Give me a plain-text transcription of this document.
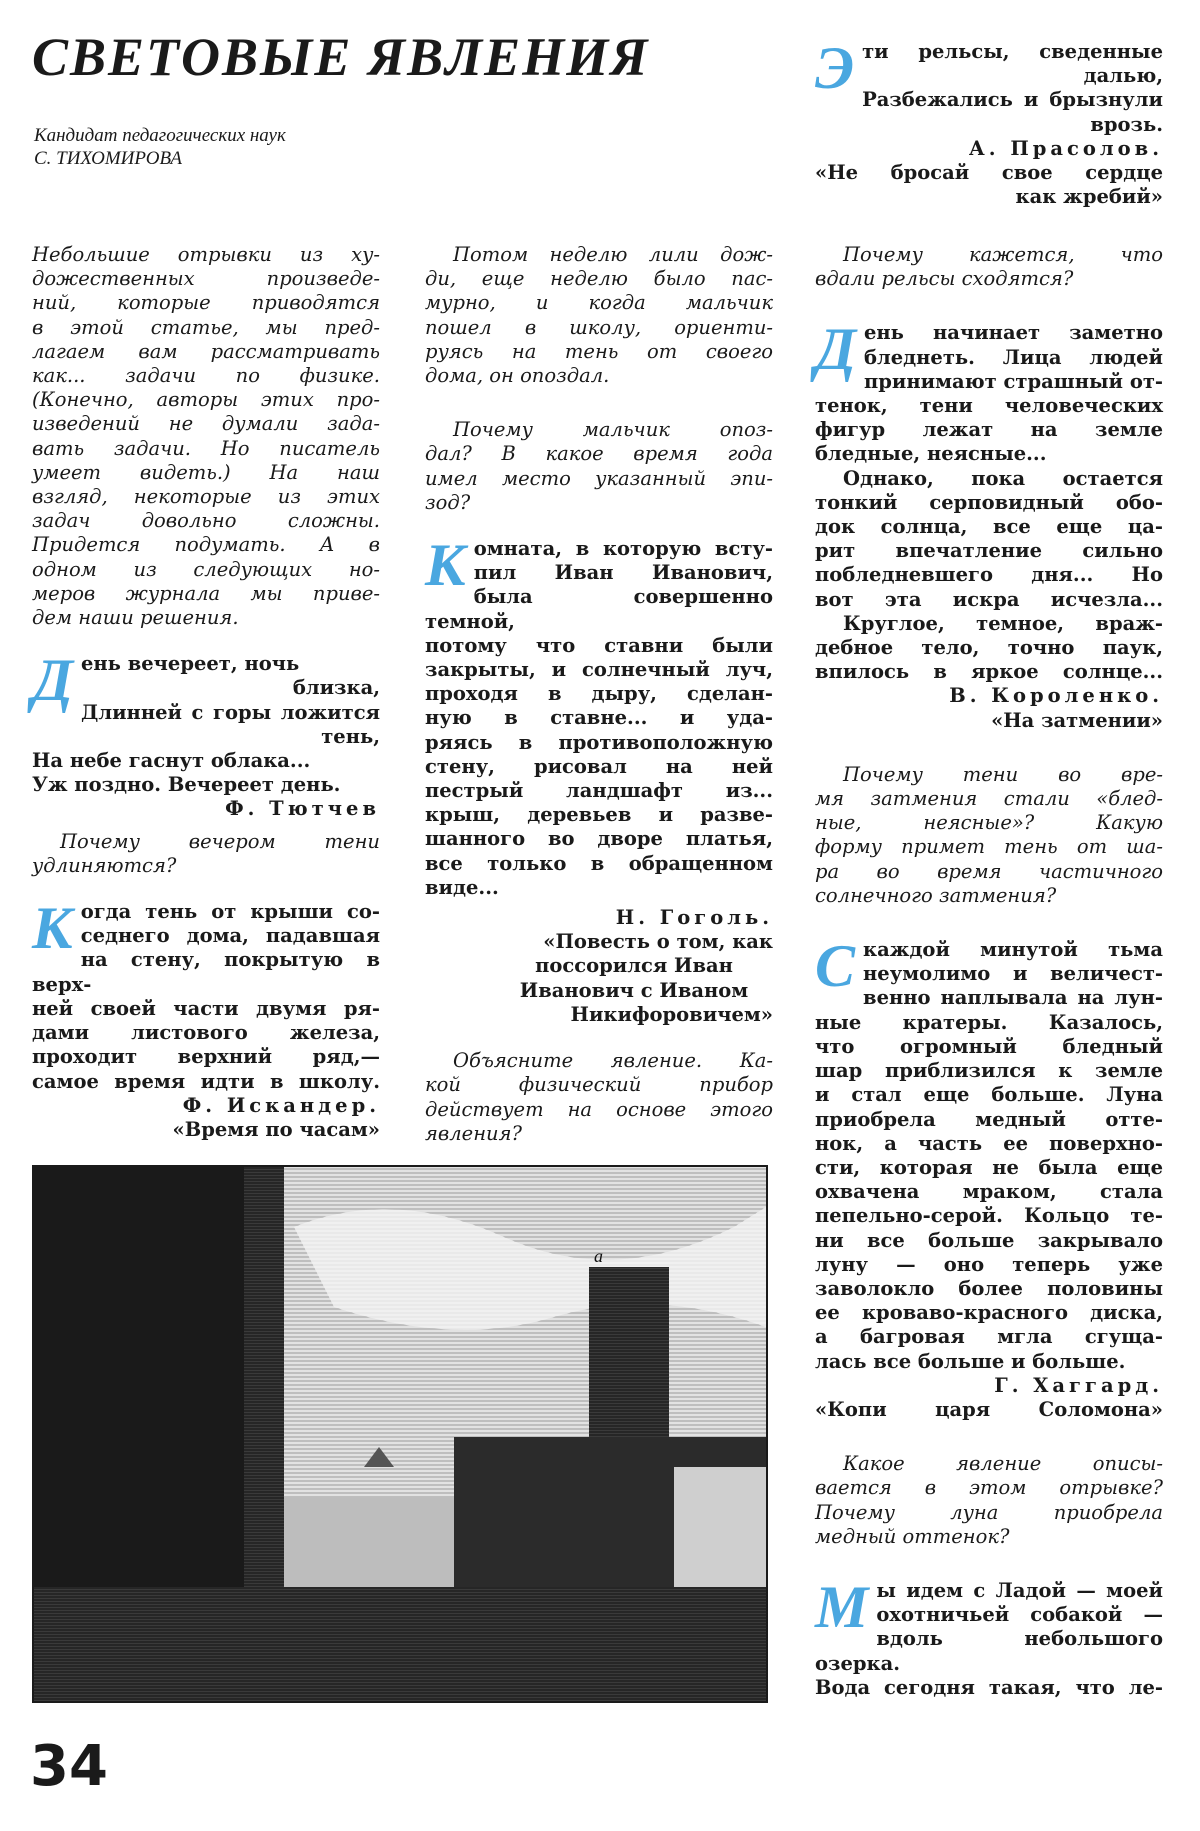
СВЕТОВЫЕ ЯВЛЕНИЯ
Кандидат педагогических наук
С. ТИХОМИРОВА
Э ти рельсы, сведенные

далью,

Разбежались и брызнули

врозь.

А. Прасолов.

«Не бросай свое сердце

как жребий»

Небольшие отрывки из ху-

дожественных произведе-

ний, которые приводятся

в этой статье, мы пред-

лагаем вам рассматривать

как... задачи по физике.

(Конечно, авторы этих про-

изведений не думали зада-

вать задачи. Но писатель

умеет видеть.) На наш

взгляд, некоторые из этих

задач довольно сложны.

Придется подумать. А в

одном из следующих но-

меров журнала мы приве-

дем наши решения.

Д ень вечереет, ночь

близка,

Длинней с горы ложится

тень,

На небе гаснут облака...

Уж поздно. Вечереет день.

Ф. Тютчев

Почему вечером тени

удлиняются?

К огда тень от крыши со-

седнего дома, падавшая

на стену, покрытую в верх-

ней своей части двумя ря-

дами листового железа,

проходит верхний ряд,—

самое время идти в школу.

Ф. Искандер.

«Время по часам»

Потом неделю лили дож-

ди, еще неделю было пас-

мурно, и когда мальчик

пошел в школу, ориенти-

руясь на тень от своего

дома, он опоздал.

Почему мальчик опоз-

дал? В какое время года

имел место указанный эпи-

зод?

К омната, в которую всту-

пил Иван Иванович,

была совершенно темной,

потому что ставни были

закрыты, и солнечный луч,

проходя в дыру, сделан-

ную в ставне... и уда-

ряясь в противоположную

стену, рисовал на ней

пестрый ландшафт из...

крыш, деревьев и разве-

шанного во дворе платья,

все только в обращенном

виде...

Н. Гоголь.

«Повесть о том, как

поссорился Иван

Иванович с Иваном

Никифоровичем»

Объясните явление. Ка-

кой физический прибор

действует на основе этого

явления?

Почему кажется, что

вдали рельсы сходятся?

Д ень начинает заметно

бледнеть. Лица людей

принимают страшный от-

тенок, тени человеческих

фигур лежат на земле

бледные, неясные...

Однако, пока остается

тонкий серповидный обо-

док солнца, все еще ца-

рит впечатление сильно

побледневшего дня... Но

вот эта искра исчезла...

Круглое, темное, враж-

дебное тело, точно паук,

впилось в яркое солнце...

В. Короленко.

«На затмении»

Почему тени во вре-

мя затмения стали «блед-

ные, неясные»? Какую

форму примет тень от ша-

ра во время частичного

солнечного затмения?

С каждой минутой тьма

неумолимо и величест-

венно наплывала на лун-

ные кратеры. Казалось,

что огромный бледный

шар приблизился к земле

и стал еще больше. Луна

приобрела медный отте-

нок, а часть ее поверхно-

сти, которая не была еще

охвачена мраком, стала

пепельно-серой. Кольцо те-

ни все больше закрывало

луну — оно теперь уже

заволокло более половины

ее кроваво-красного диска,

а багровая мгла сгуща-

лась все больше и больше.

Г. Хаггард.

«Копи царя Соломона»

Какое явление описы-

вается в этом отрывке?

Почему луна приобрела

медный оттенок?

М ы идем с Ладой — моей

охотничьей собакой —

вдоль небольшого озерка.

Вода сегодня такая, что ле-

а
34
